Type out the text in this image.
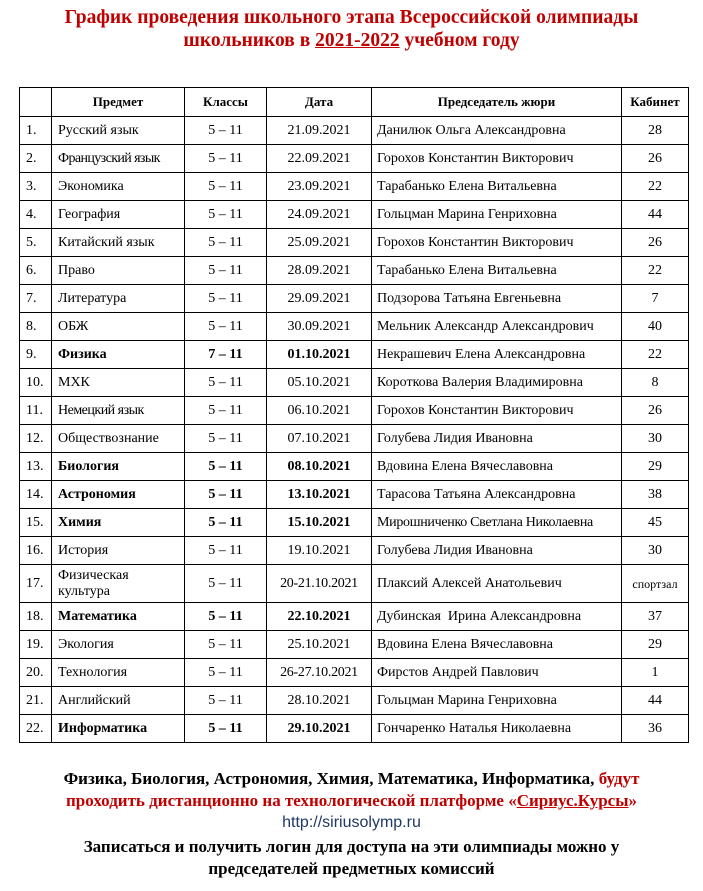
График проведения школьного этапа Всероссийской олимпиады
школьников в 2021-2022 учебном году
	Предмет	Классы	Дата	Председатель жюри	Кабинет
1.	Русский язык	5 – 11	21.09.2021	Данилюк Ольга Александровна	28
2.	Французский язык	5 – 11	22.09.2021	Горохов Константин Викторович	26
3.	Экономика	5 – 11	23.09.2021	Тарабанько Елена Витальевна	22
4.	География	5 – 11	24.09.2021	Гольцман Марина Генриховна	44
5.	Китайский язык	5 – 11	25.09.2021	Горохов Константин Викторович	26
6.	Право	5 – 11	28.09.2021	Тарабанько Елена Витальевна	22
7.	Литература	5 – 11	29.09.2021	Подзорова Татьяна Евгеньевна	7
8.	ОБЖ	5 – 11	30.09.2021	Мельник Александр Александрович	40
9.	Физика	7 – 11	01.10.2021	Некрашевич Елена Александровна	22
10.	МХК	5 – 11	05.10.2021	Короткова Валерия Владимировна	8
11.	Немецкий язык	5 – 11	06.10.2021	Горохов Константин Викторович	26
12.	Обществознание	5 – 11	07.10.2021	Голубева Лидия Ивановна	30
13.	Биология	5 – 11	08.10.2021	Вдовина Елена Вячеславовна	29
14.	Астрономия	5 – 11	13.10.2021	Тарасова Татьяна Александровна	38
15.	Химия	5 – 11	15.10.2021	Мирошниченко Светлана Николаевна	45
16.	История	5 – 11	19.10.2021	Голубева Лидия Ивановна	30
17.	Физическая культура	5 – 11	20-21.10.2021	Плаксий Алексей Анатольевич	спортзал
18.	Математика	5 – 11	22.10.2021	Дубинская  Ирина Александровна	37
19.	Экология	5 – 11	25.10.2021	Вдовина Елена Вячеславовна	29
20.	Технология	5 – 11	26-27.10.2021	Фирстов Андрей Павлович	1
21.	Английский	5 – 11	28.10.2021	Гольцман Марина Генриховна	44
22.	Информатика	5 – 11	29.10.2021	Гончаренко Наталья Николаевна	36
Физика, Биология, Астрономия, Химия, Математика, Информатика, будут
проходить дистанционно на технологической платформе «Сириус.Курсы»
http://siriusolymp.ru
Записаться и получить логин для доступа на эти олимпиады можно у
председателей предметных комиссий
